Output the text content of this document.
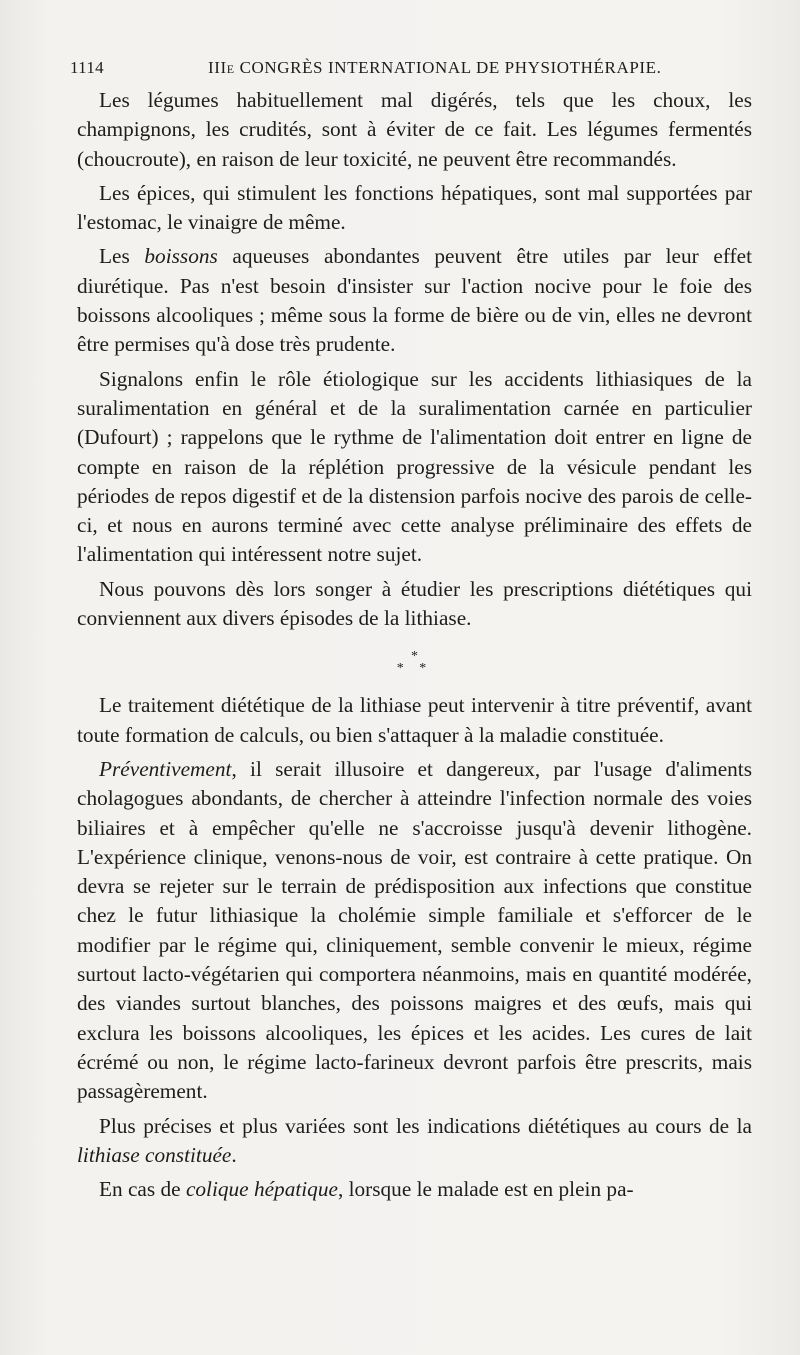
1114	IIIe CONGRÈS INTERNATIONAL DE PHYSIOTHÉRAPIE.

Les légumes habituellement mal digérés, tels que les choux, les champignons, les crudités, sont à éviter de ce fait. Les légumes fermentés (choucroute), en raison de leur toxicité, ne peuvent être recommandés.

Les épices, qui stimulent les fonctions hépatiques, sont mal supportées par l'estomac, le vinaigre de même.

Les boissons aqueuses abondantes peuvent être utiles par leur effet diurétique. Pas n'est besoin d'insister sur l'action nocive pour le foie des boissons alcooliques ; même sous la forme de bière ou de vin, elles ne devront être permises qu'à dose très prudente.

Signalons enfin le rôle étiologique sur les accidents lithiasiques de la suralimentation en général et de la suralimentation carnée en particulier (Dufourt) ; rappelons que le rythme de l'alimentation doit entrer en ligne de compte en raison de la réplétion progressive de la vésicule pendant les périodes de repos digestif et de la distension parfois nocive des parois de celle-ci, et nous en aurons terminé avec cette analyse préliminaire des effets de l'alimentation qui intéressent notre sujet.

Nous pouvons dès lors songer à étudier les prescriptions diététiques qui conviennent aux divers épisodes de la lithiase.

*
* *

Le traitement diététique de la lithiase peut intervenir à titre préventif, avant toute formation de calculs, ou bien s'attaquer à la maladie constituée.

Préventivement, il serait illusoire et dangereux, par l'usage d'aliments cholagogues abondants, de chercher à atteindre l'infection normale des voies biliaires et à empêcher qu'elle ne s'accroisse jusqu'à devenir lithogène. L'expérience clinique, venons-nous de voir, est contraire à cette pratique. On devra se rejeter sur le terrain de prédisposition aux infections que constitue chez le futur lithiasique la cholémie simple familiale et s'efforcer de le modifier par le régime qui, cliniquement, semble convenir le mieux, régime surtout lacto-végétarien qui comportera néanmoins, mais en quantité modérée, des viandes surtout blanches, des poissons maigres et des œufs, mais qui exclura les boissons alcooliques, les épices et les acides. Les cures de lait écrémé ou non, le régime lacto-farineux devront parfois être prescrits, mais passagèrement.

Plus précises et plus variées sont les indications diététiques au cours de la lithiase constituée.

En cas de colique hépatique, lorsque le malade est en plein pa-
